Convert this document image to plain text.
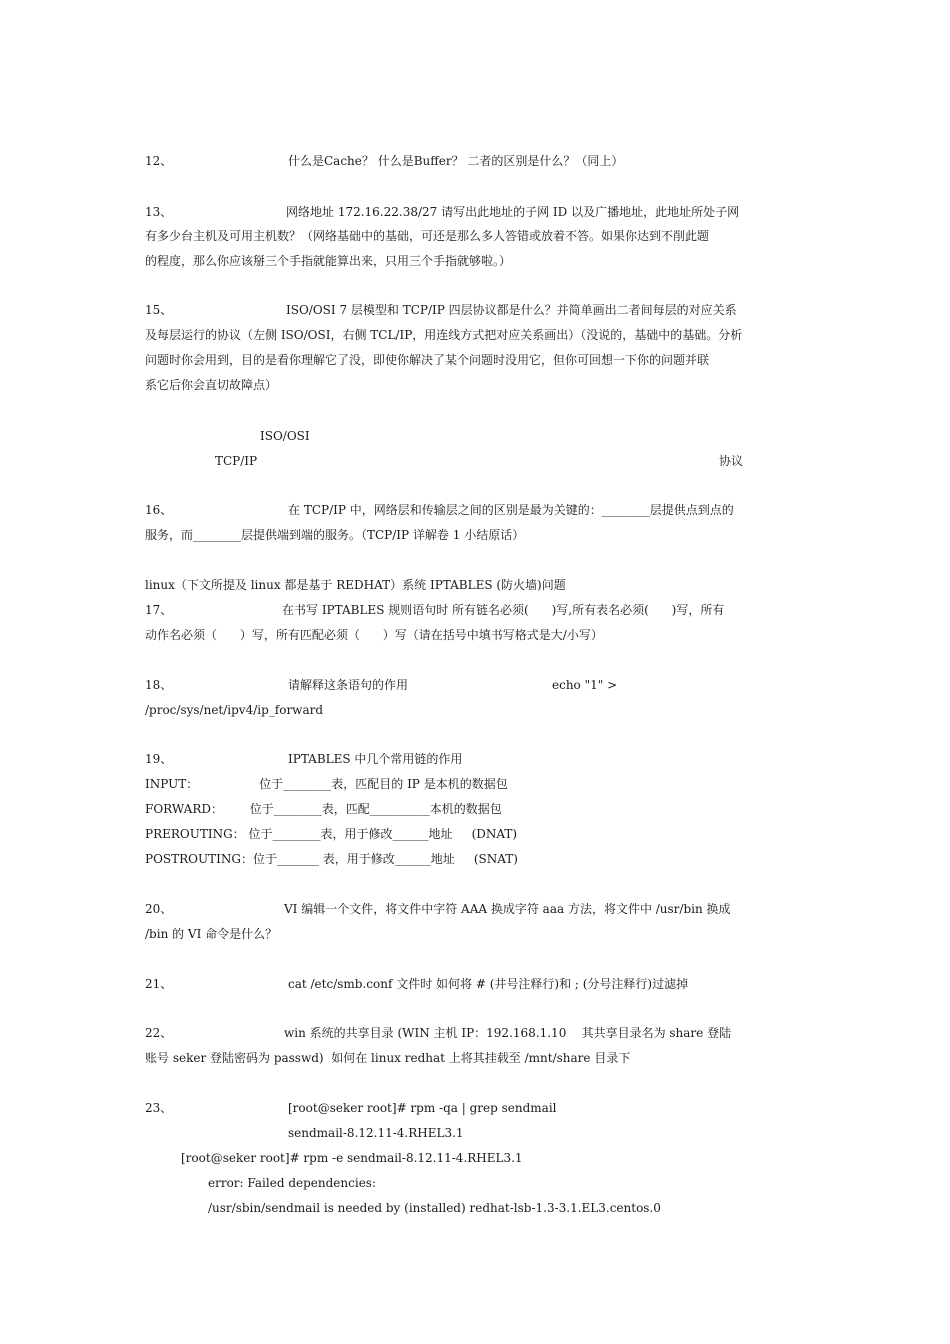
12、	什么是Cache？ 什么是Buffer？ 二者的区别是什么？（同上）
13、	网络地址 172.16.22.38/27 请写出此地址的子网 ID 以及广播地址，此地址所处子网
有多少台主机及可用主机数？（网络基础中的基础，可还是那么多人答错或放着不答。如果你达到不削此题
的程度，那么你应该掰三个手指就能算出来，只用三个手指就够啦。）
15、	ISO/OSI 7 层模型和 TCP/IP 四层协议都是什么？并简单画出二者间每层的对应关系
及每层运行的协议（左侧 ISO/OSI，右侧 TCL/IP，用连线方式把对应关系画出）（没说的，基础中的基础。分析
问题时你会用到，目的是看你理解它了没，即使你解决了某个问题时没用它，但你可回想一下你的问题并联
系它后你会直切故障点）
ISO/OSI
TCP/IP	协议
16、	在 TCP/IP 中，网络层和传输层之间的区别是最为关键的：________层提供点到点的
服务，而________层提供端到端的服务。（TCP/IP 详解卷 1 小结原话）
linux（下文所提及 linux 都是基于 REDHAT）系统 IPTABLES (防火墙)问题
17、	在书写 IPTABLES 规则语句时 所有链名必须(      )写,所有表名必须(      )写，所有
动作名必须（      ）写，所有匹配必须（      ）写（请在括号中填书写格式是大/小写）
18、	请解释这条语句的作用	echo "1" >
/proc/sys/net/ipv4/ip_forward
19、	IPTABLES 中几个常用链的作用
INPUT：                位于________表，匹配目的 IP 是本机的数据包
FORWARD：       位于________表，匹配__________本机的数据包
PREROUTING： 位于________表，用于修改______地址     (DNAT)
POSTROUTING：位于_______ 表，用于修改______地址     (SNAT)
20、	VI 编辑一个文件，将文件中字符 AAA 换成字符 aaa 方法，将文件中 /usr/bin 换成
/bin 的 VI 命令是什么？
21、	cat /etc/smb.conf 文件时 如何将 # (井号注释行)和 ; (分号注释行)过滤掉
22、	win 系统的共享目录 (WIN 主机 IP：192.168.1.10    其共享目录名为 share 登陆
账号 seker 登陆密码为 passwd)  如何在 linux redhat 上将其挂载至 /mnt/share 目录下
23、	[root@seker root]# rpm -qa | grep sendmail
sendmail-8.12.11-4.RHEL3.1
[root@seker root]# rpm -e sendmail-8.12.11-4.RHEL3.1
error: Failed dependencies:
/usr/sbin/sendmail is needed by (installed) redhat-lsb-1.3-3.1.EL3.centos.0
